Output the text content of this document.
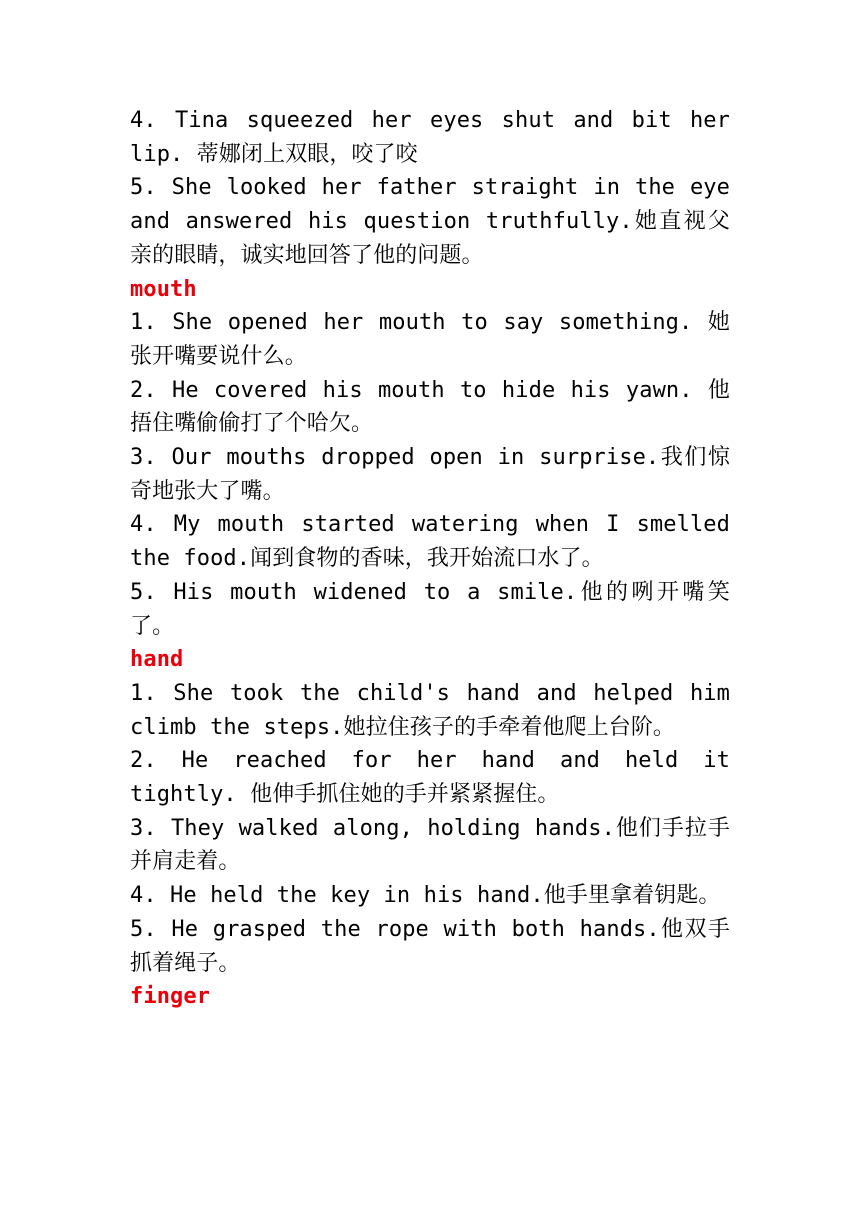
4. Tina squeezed her eyes shut and bit her lip. 蒂娜闭上双眼，咬了咬

5. She looked her father straight in the eye and answered his question truthfully.她直视父亲的眼睛，诚实地回答了他的问题。

mouth

1. She opened her mouth to say something. 她张开嘴要说什么。

2. He covered his mouth to hide his yawn. 他捂住嘴偷偷打了个哈欠。

3. Our mouths dropped open in surprise.我们惊奇地张大了嘴。

4. My mouth started watering when I smelled the food.闻到食物的香味，我开始流口水了。

5. His mouth widened to a smile.他的咧开嘴笑了。

hand

1. She took the child's hand and helped him climb the steps.她拉住孩子的手牵着他爬上台阶。

2. He reached for her hand and held it tightly. 他伸手抓住她的手并紧紧握住。

3. They walked along, holding hands.他们手拉手并肩走着。

4. He held the key in his hand.他手里拿着钥匙。

5. He grasped the rope with both hands.他双手抓着绳子。

finger
